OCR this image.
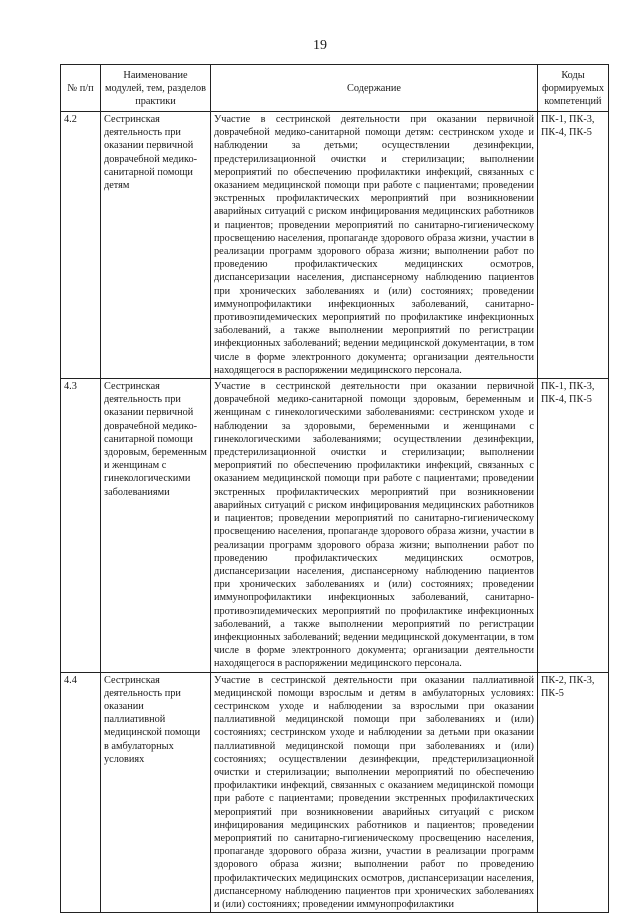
19
№ п/п	Наименование модулей, тем, разделов практики	Содержание	Коды формируемых компетенций
4.2	Сестринская деятельность при оказании первичной доврачебной медико-санитарной помощи детям	Участие в сестринской деятельности при оказании первичной доврачебной медико-санитарной помощи детям: сестринском уходе и наблюдении за детьми; осуществлении дезинфекции, предстерилизационной очистки и стерилизации; выполнении мероприятий по обеспечению профилактики инфекций, связанных с оказанием медицинской помощи при работе с пациентами; проведении экстренных профилактических мероприятий при возникновении аварийных ситуаций с риском инфицирования медицинских работников и пациентов; проведении мероприятий по санитарно-гигиеническому просвещению населения, пропаганде здорового образа жизни, участии в реализации программ здорового образа жизни; выполнении работ по проведению профилактических медицинских осмотров, диспансеризации населения, диспансерному наблюдению пациентов при хронических заболеваниях и (или) состояниях; проведении иммунопрофилактики инфекционных заболеваний, санитарно-противоэпидемических мероприятий по профилактике инфекционных заболеваний, а также выполнении мероприятий по регистрации инфекционных заболеваний; ведении медицинской документации, в том числе в форме электронного документа; организации деятельности находящегося в распоряжении медицинского персонала.	ПК-1, ПК-3, ПК-4, ПК-5
4.3	Сестринская деятельность при оказании первичной доврачебной медико-санитарной помощи здоровым, беременным и женщинам с гинекологическими заболеваниями	Участие в сестринской деятельности при оказании первичной доврачебной медико-санитарной помощи здоровым, беременным и женщинам с гинекологическими заболеваниями: сестринском уходе и наблюдении за здоровыми, беременными и женщинами с гинекологическими заболеваниями; осуществлении дезинфекции, предстерилизационной очистки и стерилизации; выполнении мероприятий по обеспечению профилактики инфекций, связанных с оказанием медицинской помощи при работе с пациентами; проведении экстренных профилактических мероприятий при возникновении аварийных ситуаций с риском инфицирования медицинских работников и пациентов; проведении мероприятий по санитарно-гигиеническому просвещению населения, пропаганде здорового образа жизни, участии в реализации программ здорового образа жизни; выполнении работ по проведению профилактических медицинских осмотров, диспансеризации населения, диспансерному наблюдению пациентов при хронических заболеваниях и (или) состояниях; проведении иммунопрофилактики инфекционных заболеваний, санитарно-противоэпидемических мероприятий по профилактике инфекционных заболеваний, а также выполнении мероприятий по регистрации инфекционных заболеваний; ведении медицинской документации, в том числе в форме электронного документа; организации деятельности находящегося в распоряжении медицинского персонала.	ПК-1, ПК-3, ПК-4, ПК-5
4.4	Сестринская деятельность при оказании паллиативной медицинской помощи в амбулаторных условиях	Участие в сестринской деятельности при оказании паллиативной медицинской помощи взрослым и детям в амбулаторных условиях: сестринском уходе и наблюдении за взрослыми при оказании паллиативной медицинской помощи при заболеваниях и (или) состояниях; сестринском уходе и наблюдении за детьми при оказании паллиативной медицинской помощи при заболеваниях и (или) состояниях; осуществлении дезинфекции, предстерилизационной очистки и стерилизации; выполнении мероприятий по обеспечению профилактики инфекций, связанных с оказанием медицинской помощи при работе с пациентами; проведении экстренных профилактических мероприятий при возникновении аварийных ситуаций с риском инфицирования медицинских работников и пациентов; проведении мероприятий по санитарно-гигиеническому просвещению населения, пропаганде здорового образа жизни, участии в реализации программ здорового образа жизни; выполнении работ по проведению профилактических медицинских осмотров, диспансеризации населения, диспансерному наблюдению пациентов при хронических заболеваниях и (или) состояниях; проведении иммунопрофилактики	ПК-2, ПК-3, ПК-5
